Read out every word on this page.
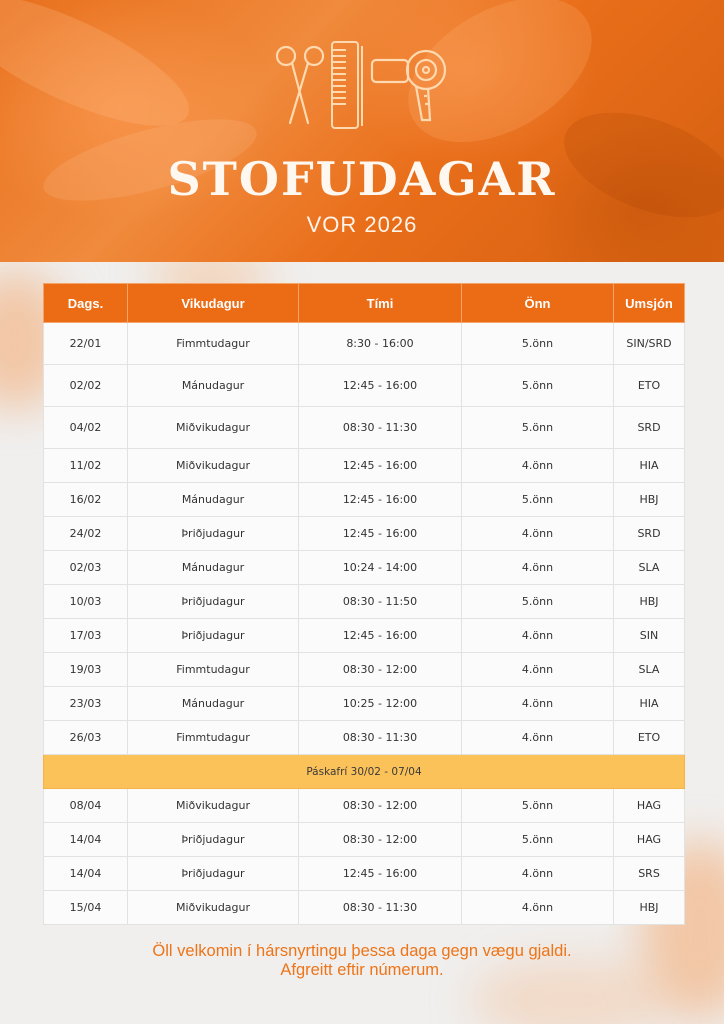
STOFUDAGAR
VOR 2026
Dags.	Vikudagur	Tími	Önn	Umsjón
22/01	Fimmtudagur	8:30 - 16:00	5.önn	SIN/SRD
02/02	Mánudagur	12:45 - 16:00	5.önn	ETO
04/02	Miðvikudagur	08:30 - 11:30	5.önn	SRD
11/02	Miðvikudagur	12:45 - 16:00	4.önn	HIA
16/02	Mánudagur	12:45 - 16:00	5.önn	HBJ
24/02	Þriðjudagur	12:45 - 16:00	4.önn	SRD
02/03	Mánudagur	10:24 - 14:00	4.önn	SLA
10/03	Þriðjudagur	08:30 - 11:50	5.önn	HBJ
17/03	Þriðjudagur	12:45 - 16:00	4.önn	SIN
19/03	Fimmtudagur	08:30 - 12:00	4.önn	SLA
23/03	Mánudagur	10:25 - 12:00	4.önn	HIA
26/03	Fimmtudagur	08:30 - 11:30	4.önn	ETO
Páskafrí 30/02 - 07/04				
08/04	Miðvikudagur	08:30 - 12:00	5.önn	HAG
14/04	Þriðjudagur	08:30 - 12:00	5.önn	HAG
14/04	Þriðjudagur	12:45 - 16:00	4.önn	SRS
15/04	Miðvikudagur	08:30 - 11:30	4.önn	HBJ
Öll velkomin í hársnyrtingu þessa daga gegn vægu gjaldi.
Afgreitt eftir númerum.
